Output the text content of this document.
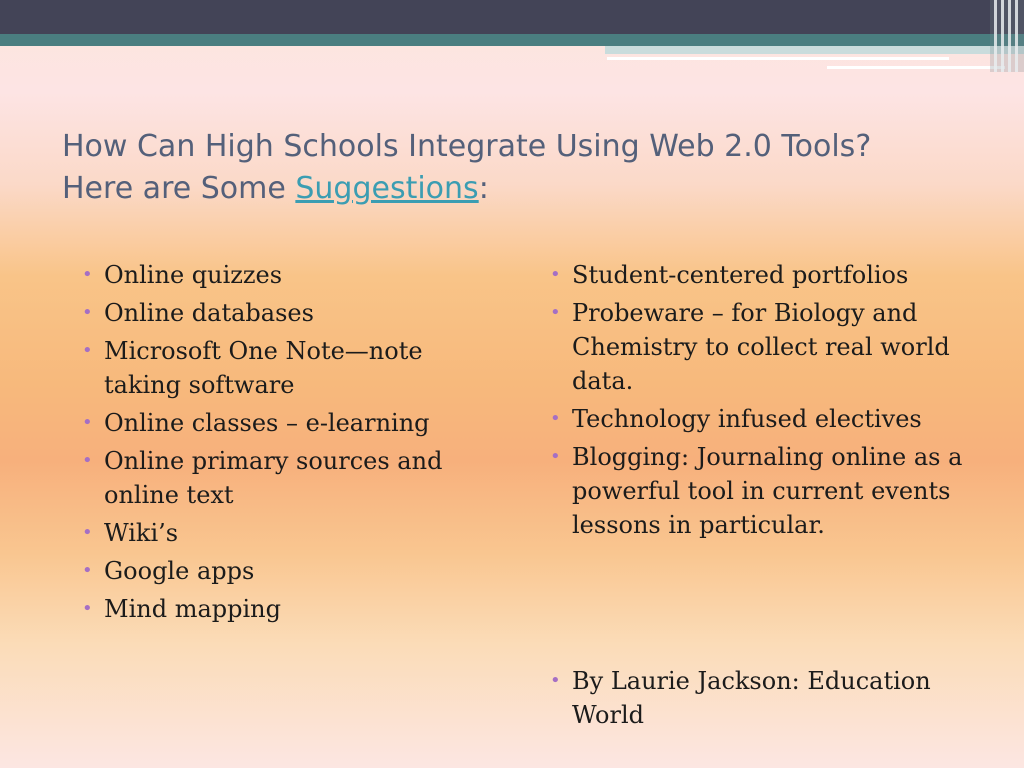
How Can High Schools Integrate Using Web 2.0 Tools?
Here are Some Suggestions:
• Online quizzes
• Online databases
• Microsoft One Note—note taking software
• Online classes – e-learning
• Online primary sources and online text
• Wiki’s
• Google apps
• Mind mapping
• Student-centered portfolios
• Probeware – for Biology and Chemistry to collect real world data.
• Technology infused electives
• Blogging: Journaling online as a powerful tool in current events lessons in particular.
• By Laurie Jackson: Education World
